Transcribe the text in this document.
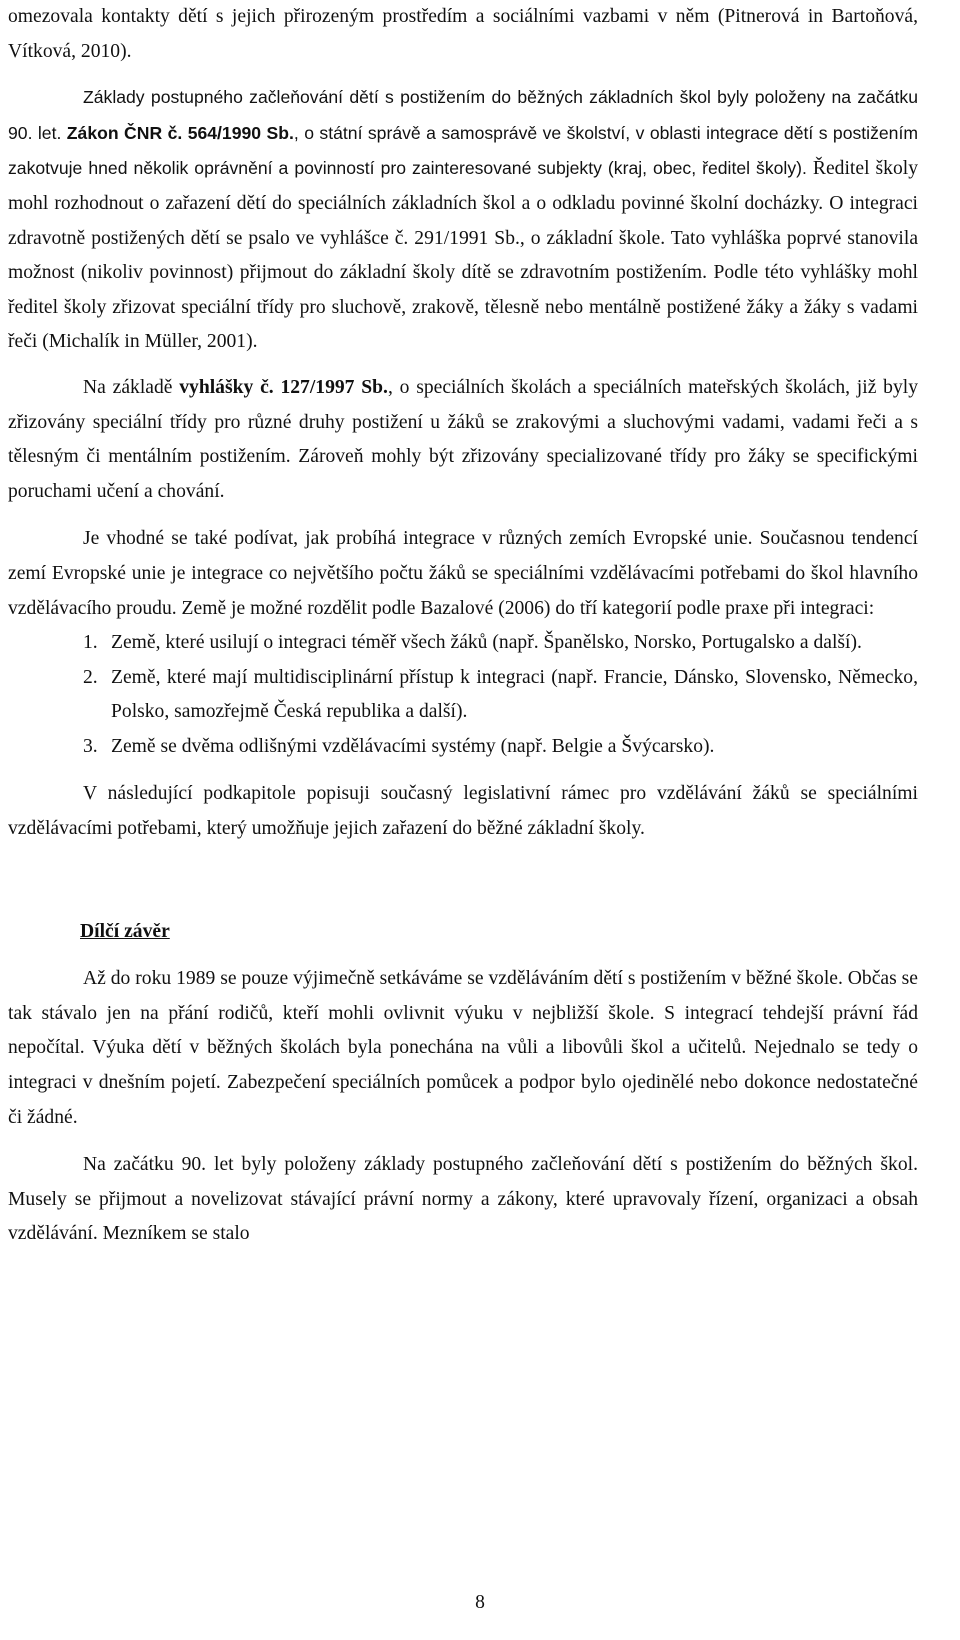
omezovala kontakty dětí s jejich přirozeným prostředím a sociálními vazbami v něm (Pitnerová in Bartoňová, Vítková, 2010).

Základy postupného začleňování dětí s postižením do běžných základních škol byly položeny na začátku 90. let. Zákon ČNR č. 564/1990 Sb., o státní správě a samosprávě ve školství, v oblasti integrace dětí s postižením zakotvuje hned několik oprávnění a povinností pro zainteresované subjekty (kraj, obec, ředitel školy). Ředitel školy mohl rozhodnout o zařazení dětí do speciálních základních škol a o odkladu povinné školní docházky. O integraci zdravotně postižených dětí se psalo ve vyhlášce č. 291/1991 Sb., o základní škole. Tato vyhláška poprvé stanovila možnost (nikoliv povinnost) přijmout do základní školy dítě se zdravotním postižením. Podle této vyhlášky mohl ředitel školy zřizovat speciální třídy pro sluchově, zrakově, tělesně nebo mentálně postižené žáky a žáky s vadami řeči (Michalík in Müller, 2001).

Na základě vyhlášky č. 127/1997 Sb., o speciálních školách a speciálních mateřských školách, již byly zřizovány speciální třídy pro různé druhy postižení u žáků se zrakovými a sluchovými vadami, vadami řeči a s tělesným či mentálním postižením. Zároveň mohly být zřizovány specializované třídy pro žáky se specifickými poruchami učení a chování.

Je vhodné se také podívat, jak probíhá integrace v různých zemích Evropské unie. Současnou tendencí zemí Evropské unie je integrace co největšího počtu žáků se speciálními vzdělávacími potřebami do škol hlavního vzdělávacího proudu. Země je možné rozdělit podle Bazalové (2006) do tří kategorií podle praxe při integraci:

1. Země, které usilují o integraci téměř všech žáků (např. Španělsko, Norsko, Portugalsko a další).
2. Země, které mají multidisciplinární přístup k integraci (např. Francie, Dánsko, Slovensko, Německo, Polsko, samozřejmě Česká republika a další).
3. Země se dvěma odlišnými vzdělávacími systémy (např. Belgie a Švýcarsko).

V následující podkapitole popisuji současný legislativní rámec pro vzdělávání žáků se speciálními vzdělávacími potřebami, který umožňuje jejich zařazení do běžné základní školy.

Dílčí závěr

Až do roku 1989 se pouze výjimečně setkáváme se vzděláváním dětí s postižením v běžné škole. Občas se tak stávalo jen na přání rodičů, kteří mohli ovlivnit výuku v nejbližší škole. S integrací tehdejší právní řád nepočítal. Výuka dětí v běžných školách byla ponechána na vůli a libovůli škol a učitelů. Nejednalo se tedy o integraci v dnešním pojetí. Zabezpečení speciálních pomůcek a podpor bylo ojedinělé nebo dokonce nedostatečné či žádné.

Na začátku 90. let byly položeny základy postupného začleňování dětí s postižením do běžných škol. Musely se přijmout a novelizovat stávající právní normy a zákony, které upravovaly řízení, organizaci a obsah vzdělávání. Mezníkem se stalo

8
